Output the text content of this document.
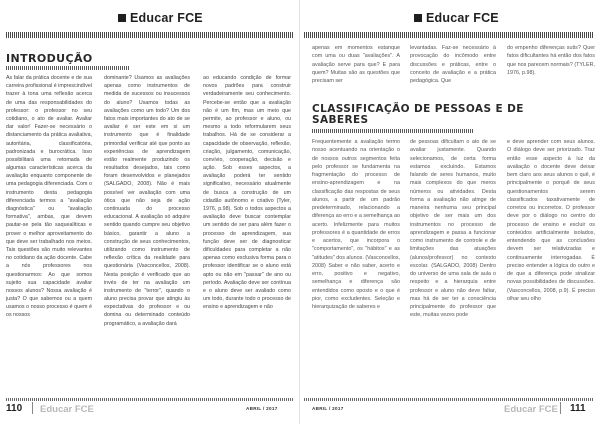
Educar FCE
INTRODUÇÃO

As falar da prática docente e de sua carreira profissional é imprescindível trazer à tona uma reflexão acerca de uma das responsabilidades do professor: o professor no seu cotidiano, o ato de avaliar. Avaliar dar valor! Fazer-se necessário o distanciamento da prática avaliativa, autoritária, classificatória, padronizada e burocrática. Isso possibilitará uma retomada de algumas características acerca da avaliação enquanto componente de uma pedagogia diferenciada. Com o instrumento desta pedagogia diferenciada termos a "avaliação diagnóstica" ou "avaliação formativa", ambas, que devem pautar-se pela tão saquealíticas e prover o melhor aproveitamento do que deve ser trabalhado nos meios. Tais questões são muito relevantes no cotidiano da ação docente. Cabe a nós professores nos questionarmos: Ao que somos sujeito sua capacidade avaliar nossos alunos? Nossa avaliação é justa? O que sabemos ou a quem usamos o nosso processo é quem é os nossos

dominante? Usamos as avaliações apenas como instrumentos de medida de sucessos ou insucessos do aluno? Usamos todas as avaliações como um todo? Um dos fatos mais importantes do ato de se avaliar é ser este em si um instrumento que é finalidade primordial verificar até que ponto as experiências de aprendizagem estão realmente produzindo os resultados desejados, tais como foram desenvolvidos e planejados (SALGADO, 2008). Não é mais possível ver avaliação com uma ótica que não seja de ação continuada do processo educacional. A avaliação só adquire sentido quando cumpre seu objetivo básico, garantir a aluno a construção de seus conhecimentos, utilizando como instrumento de reflexão crítica da realidade para questionária (Vasconcellos, 2008). Nesta posição é verificado que ao invés de ter na avaliação um instrumento de "terror", quando o aluno precisa provar que atingiu às expectativas do professor e ou domina ou determinado conteúdo programático, a avaliação dará

ao educando condição de formar novos padrões para construir verdadeiramente seu conhecimento. Percebe-se então que a avaliação não é um fim, mas um meio que permite, ao professor e aluno, ou mesmo a todo reformularem seus trabalhos. Há de se considerar a capacidade de observação, reflexão, criação, julgamento, comunicação, convívio, cooperação, decisão e ação. Sob esses aspectos, a avaliação poderá ter sentido significativo, necessário atualmente de busca a construção de um cidadão autônomo e criativo (Tyler, 1976, p.98). Sob o todos aspectos a avaliação deve buscar contemplar um sentido de ser para além fazer o processo de aprendizagem, sua função deve ser de diagnosticar dificuldades para completar a não apenas como exclusiva forma para o professor identificar se o aluno está apto ou não em "passar" de ano ou período. Avaliação deve ser contínua e o aluno deve ser avaliado como um todo, durante todo o processo de ensino e aprendizagem e não

110 Educar FCE	ABRIL / 2017
Educar FCE

apenas em momentos estanque com uma ou duas "avaliações". A avaliação serve para que? E para quem? Muitas são as questões que precisam ser

levantadas. Faz-se necessário à provocação do incômodo entre discussões e práticas, entre o conceito de avaliação e a prática pedagógica. Que

do empenho diferenças sutis? Quer fatos dificultantes há então dos fatos que nos parecem normais? (TYLER, 1976, p.98).

CLASSIFICAÇÃO DE PESSOAS E DE SABERES

Frequentemente a avaliação termo nosso acentuando na orientação o de nossos outros segmentos feita pelo professor se fundamenta na fragmentação do processo de ensino-aprendizagem e na classificação das respostas de seus alunos, a partir de um padrão predeterminado, relacionando a diferença ao erro e a semelhança ao acerto. Infelizmente para muitos professores é a quantidade de erros e acertos, que incorpora o "comportamento", os "hábitos" e as "atitudes" dos alunos. (Vasconcellos, 2008) Saber e não saber, acerto e erro, positivo e negativo, semelhança e diferença são entendidos como oposto e o que é pior, como excludentes. Seleção e hierarquização de saberes e

de pessoas dificultam o ato de se avaliar justamente. Quando selecionamos, de certa forma estamos excluindo. Estamos falando de seres humanos, muito mais complexos do que meros números ou atividades. Desta forma a avaliação não atinge de maneira nenhuma seu principal objetivo de ser mais um dos instrumentos no processo de aprendizagem e passa a funcionar como instrumento de controle e de limitações das atuações (alunos/professor) no contexto escolar. (SALGADO, 2008) Dentro do universo de uma sala de aula o respeito e a hierarquia entre professor e aluno não deve faltar, mas há de ser ter a consciência principalmente do professor que este, muitas vezes pode

e deve aprender com seus alunos. O diálogo deve ser priorizado. Traz então esse aspecto à luz da avaliação o docente deve deixar bem claro aos seus alunos o quê, é principalmente o porquê de seus questionamentos serem classificados taxativamente de corretos ou incorretos. O professor deve por o diálogo no centro do processo de ensino e excluir os conteúdos artificialmente isolados, entendendo que as conclusões devem ser relativizadas e continuamente interrogadas. É preciso entender a lógica do outro e de que a diferença pode sinalizar novas possibilidades de discussões. (Vasconcellos, 2008, p.9). É preciso olhar seu olho

ABRIL / 2017	Educar FCE 111
